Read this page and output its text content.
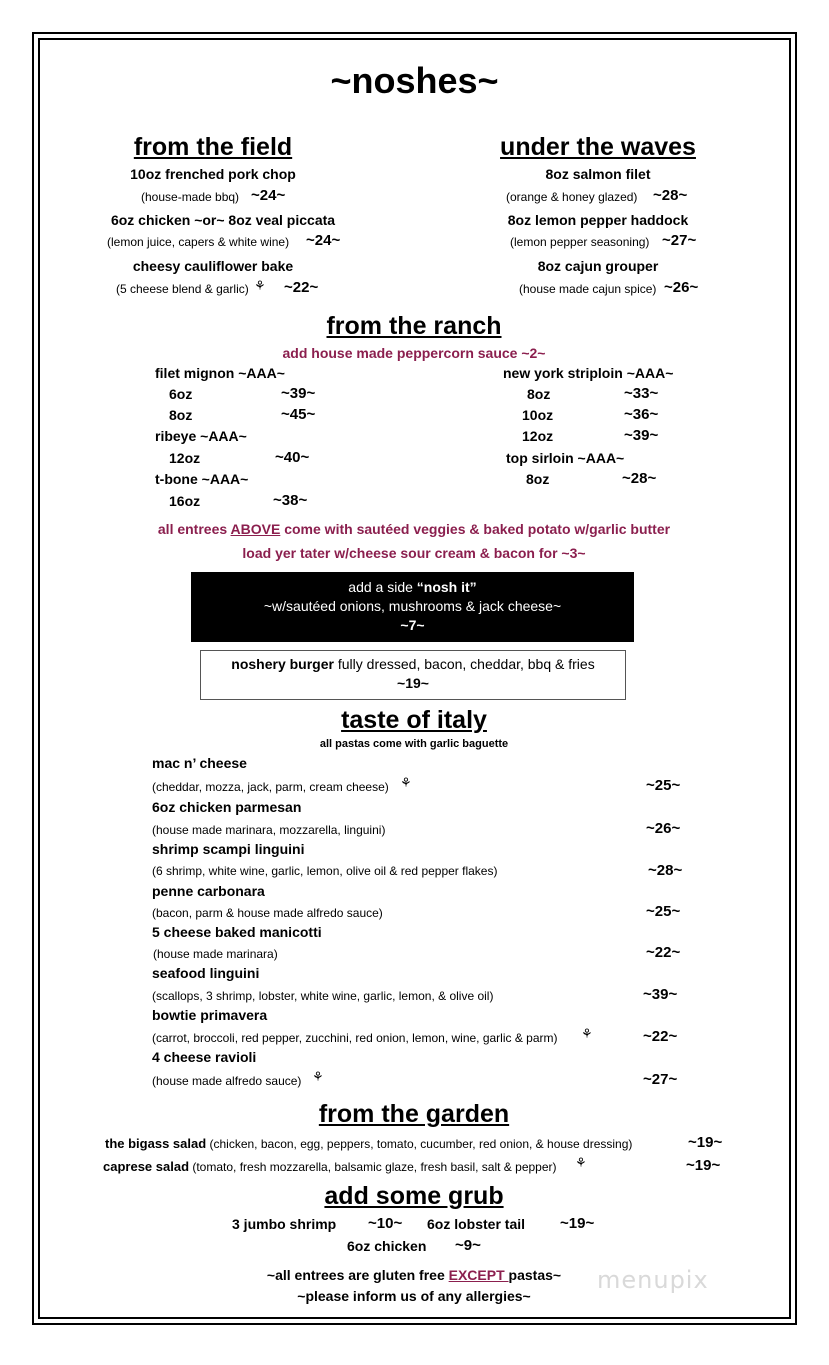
~noshes~
from the field
10oz frenched pork chop
(house-made bbq) ~24~
6oz chicken ~or~ 8oz veal piccata
(lemon juice, capers & white wine) ~24~
cheesy cauliflower bake
(5 cheese blend & garlic) ⚘ ~22~
under the waves
8oz salmon filet
(orange & honey glazed) ~28~
8oz lemon pepper haddock
(lemon pepper seasoning) ~27~
8oz cajun grouper
(house made cajun spice) ~26~
from the ranch
add house made peppercorn sauce ~2~
filet mignon ~AAA~
6oz	~39~
8oz	~45~
ribeye ~AAA~
12oz	~40~
t-bone ~AAA~
16oz	~38~
new york striploin ~AAA~
8oz	~33~
10oz	~36~
12oz	~39~
top sirloin ~AAA~
8oz	~28~
all entrees ABOVE come with sautéed veggies & baked potato w/garlic butter
load yer tater w/cheese sour cream & bacon for ~3~
add a side “nosh it”
~w/sautéed onions, mushrooms & jack cheese~
~7~
noshery burger fully dressed, bacon, cheddar, bbq & fries
~19~
taste of italy
all pastas come with garlic baguette
mac n’ cheese
(cheddar, mozza, jack, parm, cream cheese) ⚘	~25~
6oz chicken parmesan
(house made marinara, mozzarella, linguini)	~26~
shrimp scampi linguini
(6 shrimp, white wine, garlic, lemon, olive oil & red pepper flakes)	~28~
penne carbonara
(bacon, parm & house made alfredo sauce)	~25~
5 cheese baked manicotti
(house made marinara)	~22~
seafood linguini
(scallops, 3 shrimp, lobster, white wine, garlic, lemon, & olive oil)	~39~
bowtie primavera
(carrot, broccoli, red pepper, zucchini, red onion, lemon, wine, garlic & parm) ⚘	~22~
4 cheese ravioli
(house made alfredo sauce) ⚘	~27~
from the garden
the bigass salad (chicken, bacon, egg, peppers, tomato, cucumber, red onion, & house dressing)	~19~
caprese salad (tomato, fresh mozzarella, balsamic glaze, fresh basil, salt & pepper) ⚘	~19~
add some grub
3 jumbo shrimp ~10~ 6oz lobster tail ~19~
6oz chicken ~9~
~all entrees are gluten free EXCEPT pastas~
~please inform us of any allergies~
menupix
